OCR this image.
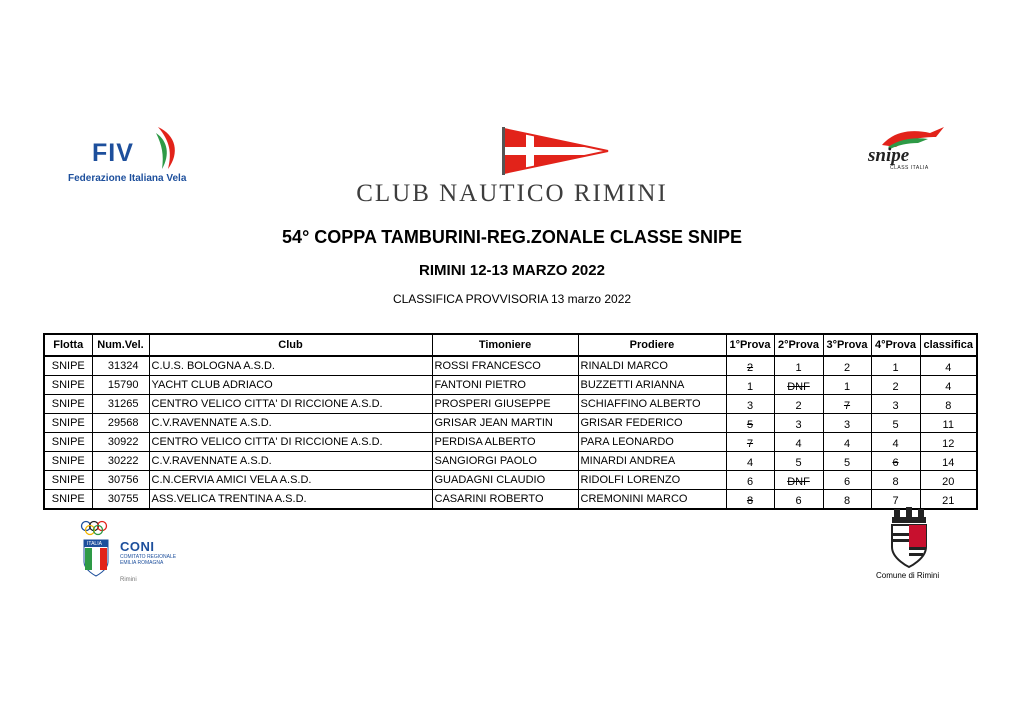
FIV
Federazione Italiana Vela
CLUB NAUTICO RIMINI
snipe
CLASS ITALIA
54° COPPA TAMBURINI-REG.ZONALE CLASSE SNIPE
RIMINI 12-13 MARZO 2022
CLASSIFICA PROVVISORIA 13 marzo 2022
Flotta	Num.Vel.	Club	Timoniere	Prodiere	1°Prova	2°Prova	3°Prova	4°Prova	classifica
SNIPE	31324	C.U.S. BOLOGNA A.S.D.	ROSSI FRANCESCO	RINALDI MARCO	2	1	2	1	4
SNIPE	15790	YACHT CLUB ADRIACO	FANTONI PIETRO	BUZZETTI ARIANNA	1	DNF	1	2	4
SNIPE	31265	CENTRO VELICO CITTA' DI RICCIONE A.S.D.	PROSPERI GIUSEPPE	SCHIAFFINO ALBERTO	3	2	7	3	8
SNIPE	29568	C.V.RAVENNATE A.S.D.	GRISAR JEAN MARTIN	GRISAR FEDERICO	5	3	3	5	11
SNIPE	30922	CENTRO VELICO CITTA' DI RICCIONE A.S.D.	PERDISA ALBERTO	PARA LEONARDO	7	4	4	4	12
SNIPE	30222	C.V.RAVENNATE A.S.D.	SANGIORGI PAOLO	MINARDI ANDREA	4	5	5	6	14
SNIPE	30756	C.N.CERVIA AMICI VELA A.S.D.	GUADAGNI CLAUDIO	RIDOLFI LORENZO	6	DNF	6	8	20
SNIPE	30755	ASS.VELICA TRENTINA A.S.D.	CASARINI ROBERTO	CREMONINI MARCO	8	6	8	7	21
ITALIA CONI
COMITATO REGIONALE EMILIA ROMAGNA
Rimini	Comune di Rimini
